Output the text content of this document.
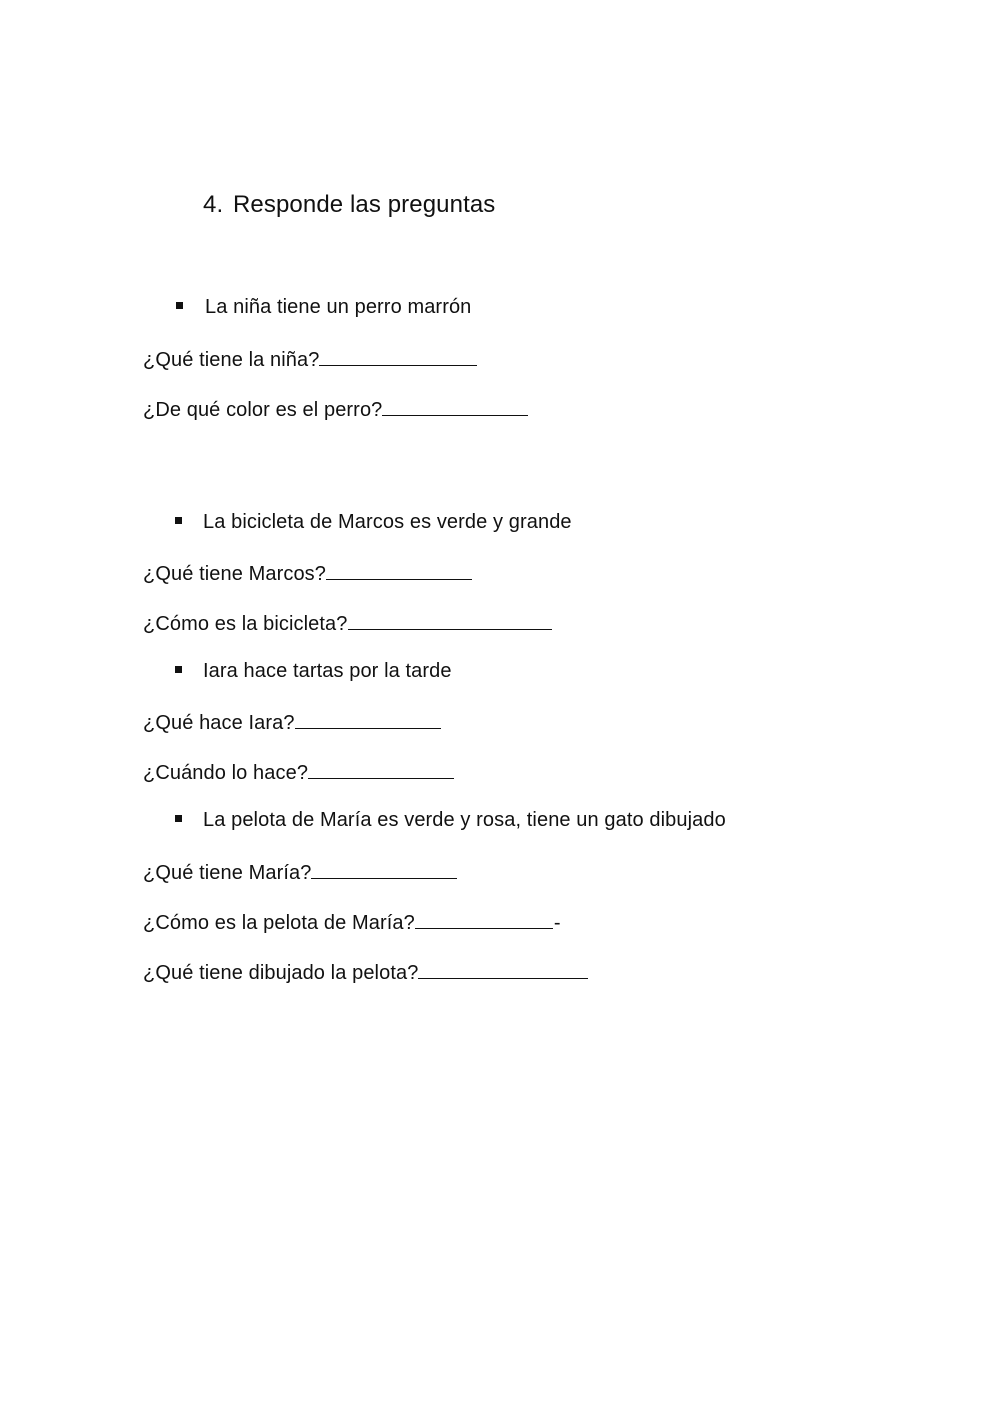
4. Responde las preguntas
La niña tiene un perro marrón
¿Qué tiene la niña?
¿De qué color es el perro?
La bicicleta de Marcos es verde y grande
¿Qué tiene Marcos?
¿Cómo es la bicicleta?
Iara hace tartas por la tarde
¿Qué hace Iara?
¿Cuándo lo hace?
La pelota de María es verde y rosa, tiene un gato dibujado
¿Qué tiene María?
¿Cómo es la pelota de María?	-
¿Qué tiene dibujado la pelota?
